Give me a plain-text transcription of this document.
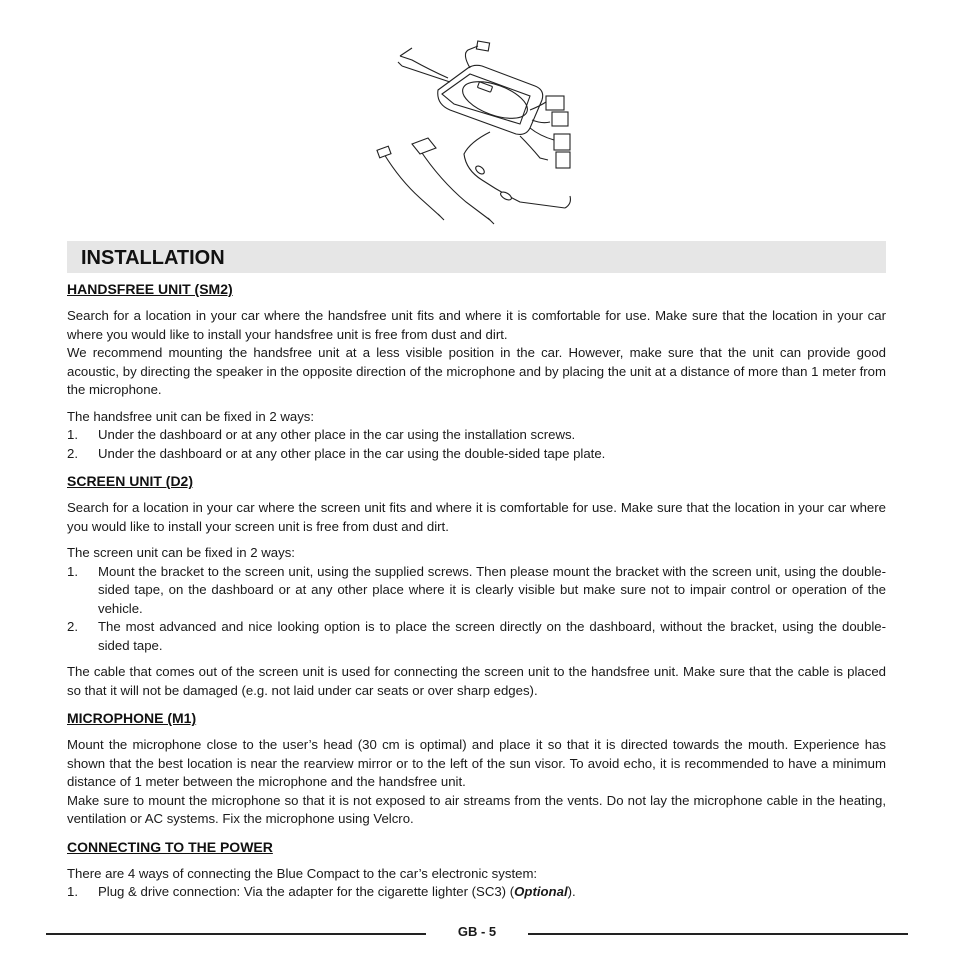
INSTALLATION
HANDSFREE UNIT (SM2)

Search for a location in your car where the handsfree unit fits and where it is comfortable for use. Make sure that the location in your car where you would like to install your handsfree unit is free from dust and dirt.

We recommend mounting the handsfree unit at a less visible position in the car. However, make sure that the unit can provide good acoustic, by directing the speaker in the opposite direction of the microphone and by placing the unit at a distance of more than 1 meter from the microphone.

The handsfree unit can be fixed in 2 ways:

1.	Under the dashboard or at any other place in the car using the installation screws.
2.	Under the dashboard or at any other place in the car using the double-sided tape plate.
SCREEN UNIT (D2)

Search for a location in your car where the screen unit fits and where it is comfortable for use. Make sure that the location in your car where you would like to install your screen unit is free from dust and dirt.

The screen unit can be fixed in 2 ways:

1.	Mount the bracket to the screen unit, using the supplied screws. Then please mount the bracket with the screen unit, using the double-sided tape, on the dashboard or at any other place where it is clearly visible but make sure not to impair control or operation of the vehicle.
2.	The most advanced and nice looking option is to place the screen directly on the dashboard, without the bracket, using the double-sided tape.

The cable that comes out of the screen unit is used for connecting the screen unit to the handsfree unit. Make sure that the cable is placed so that it will not be damaged (e.g. not laid under car seats or over sharp edges).

MICROPHONE (M1)

Mount the microphone close to the user’s head (30 cm is optimal) and place it so that it is directed towards the mouth. Experience has shown that the best location is near the rearview mirror or to the left of the sun visor. To avoid echo, it is recommended to have a minimum distance of 1 meter between the microphone and the handsfree unit.

Make sure to mount the microphone so that it is not exposed to air streams from the vents. Do not lay the microphone cable in the heating, ventilation or AC systems. Fix the microphone using Velcro.

CONNECTING TO THE POWER

There are 4 ways of connecting the Blue Compact to the car’s electronic system:

1.	Plug & drive connection: Via the adapter for the cigarette lighter (SC3) (Optional).
GB - 5
